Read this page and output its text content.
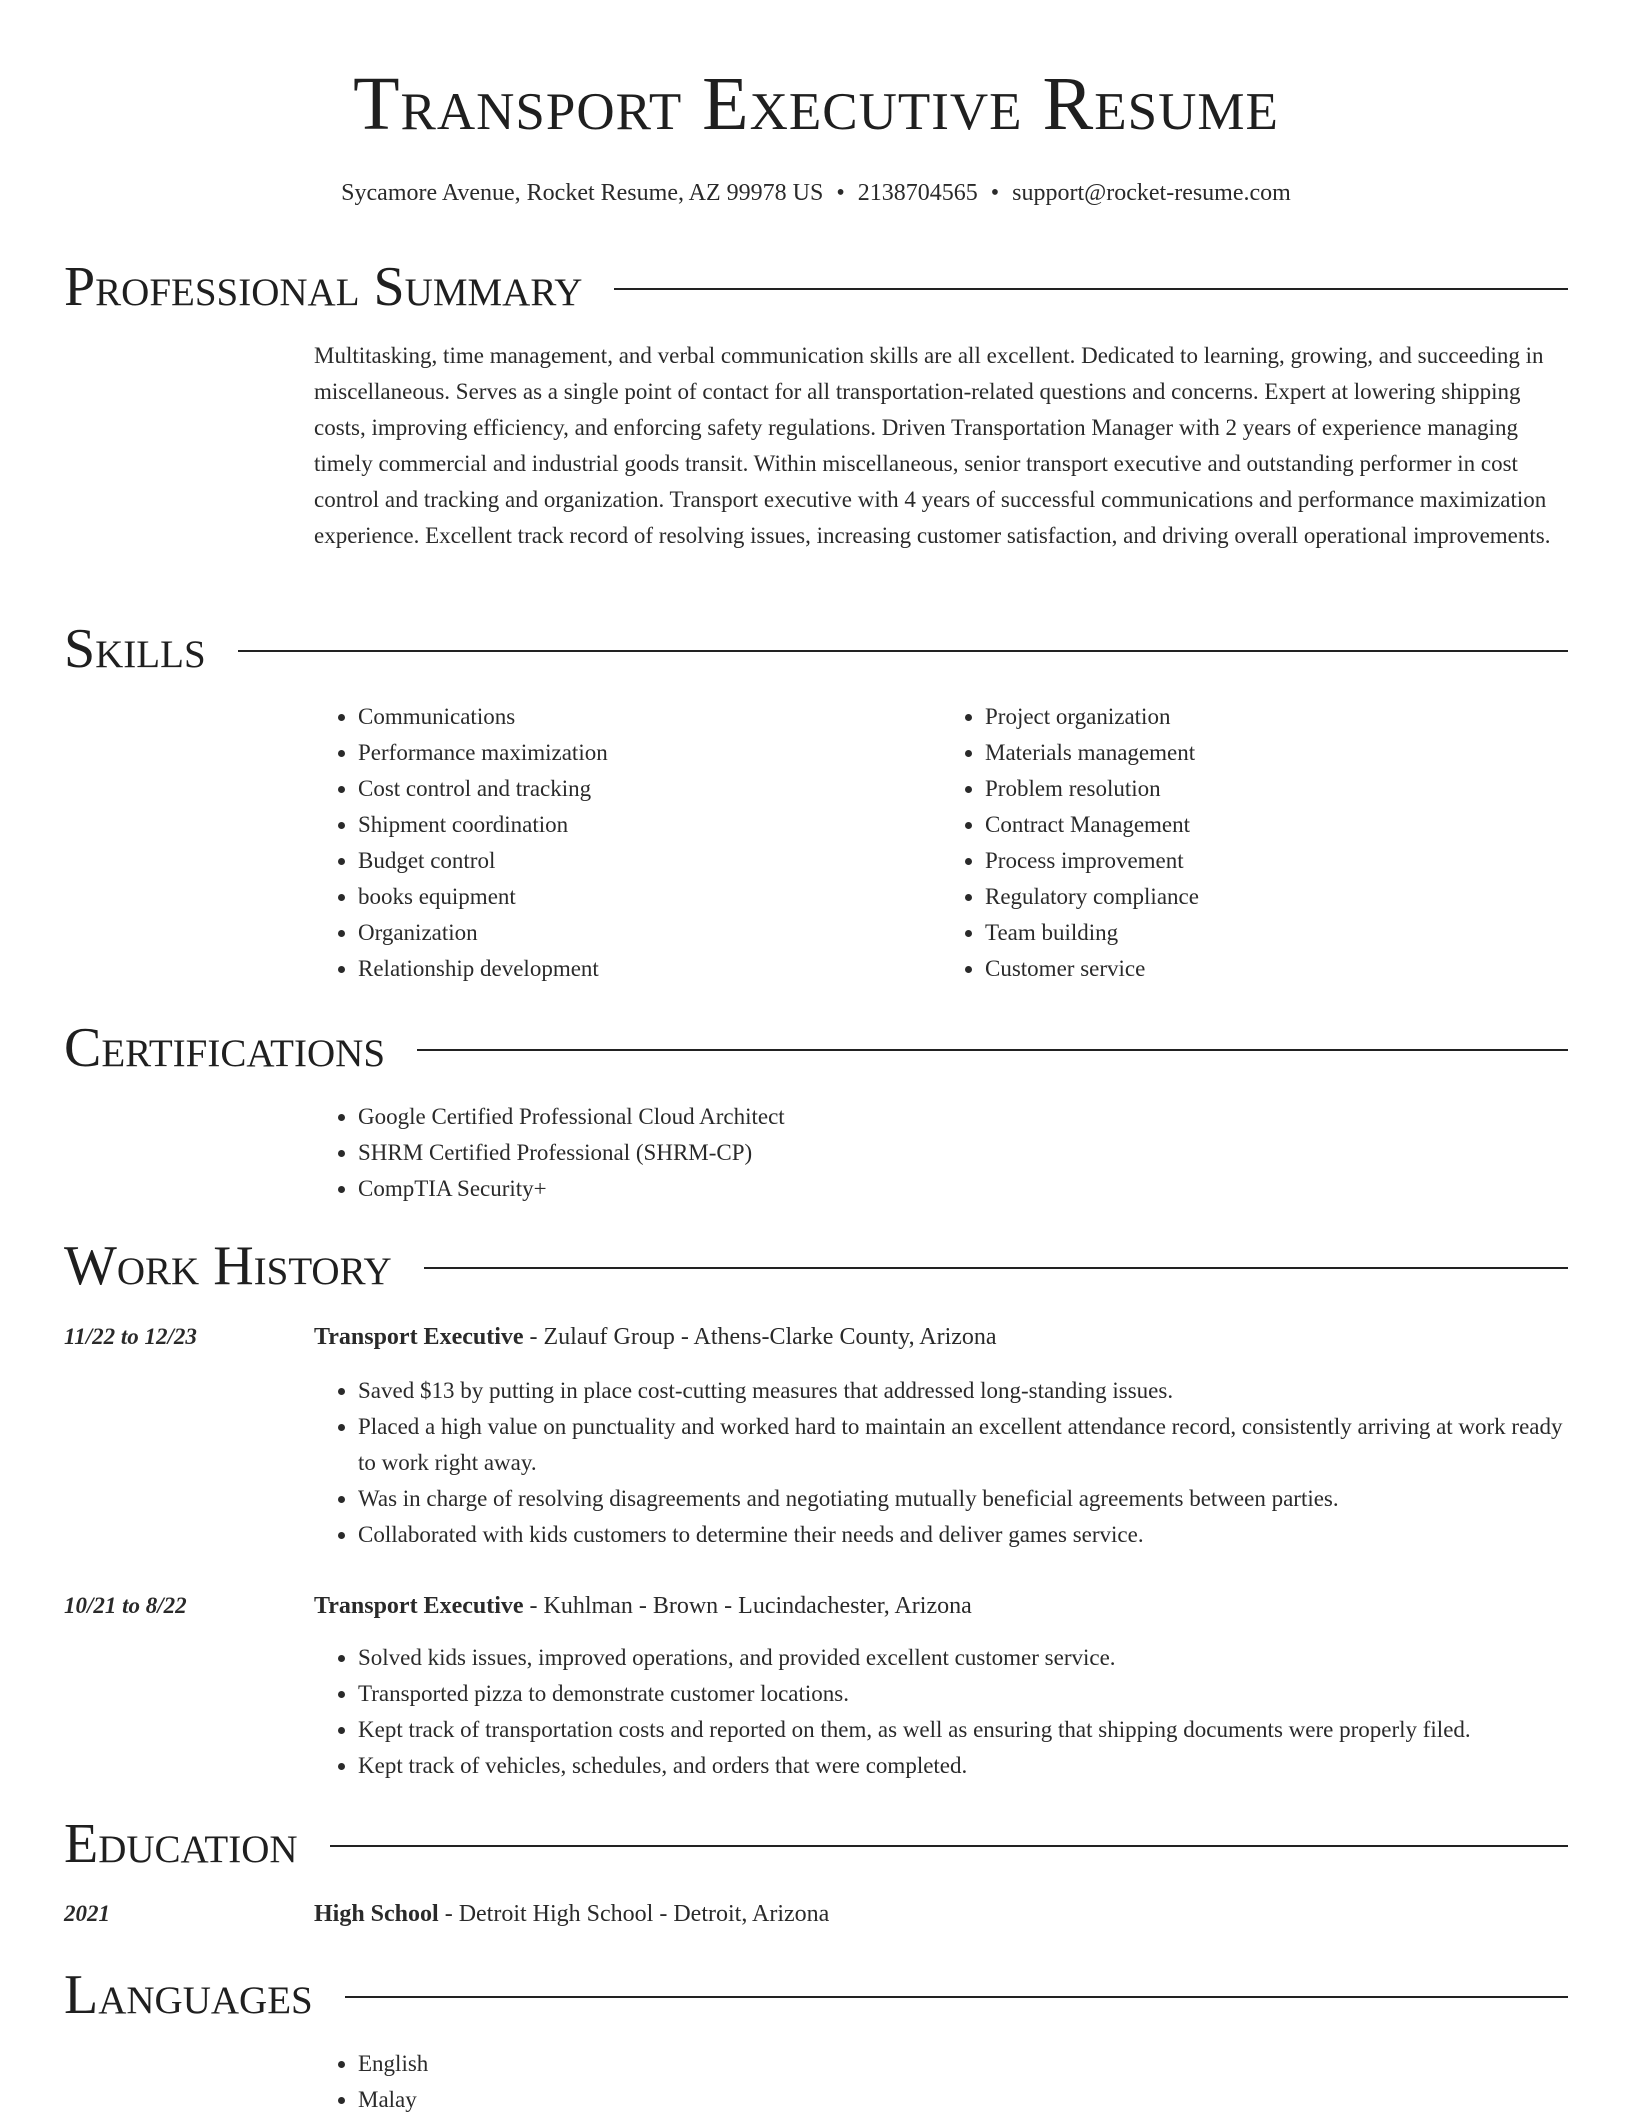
Transport Executive Resume
Sycamore Avenue, Rocket Resume, AZ 99978 US • 2138704565 • support@rocket-resume.com
Professional Summary

Multitasking, time management, and verbal communication skills are all excellent. Dedicated to learning, growing, and succeeding in miscellaneous. Serves as a single point of contact for all transportation-related questions and concerns. Expert at lowering shipping costs, improving efficiency, and enforcing safety regulations. Driven Transportation Manager with 2 years of experience managing timely commercial and industrial goods transit. Within miscellaneous, senior transport executive and outstanding performer in cost control and tracking and organization. Transport executive with 4 years of successful communications and performance maximization experience. Excellent track record of resolving issues, increasing customer satisfaction, and driving overall operational improvements.

Skills
• Communications
• Performance maximization
• Cost control and tracking
• Shipment coordination
• Budget control
• books equipment
• Organization
• Relationship development
• Project organization
• Materials management
• Problem resolution
• Contract Management
• Process improvement
• Regulatory compliance
• Team building
• Customer service
Certifications
• Google Certified Professional Cloud Architect
• SHRM Certified Professional (SHRM-CP)
• CompTIA Security+
Work History
11/22 to 12/23	Transport Executive - Zulauf Group - Athens-Clarke County, Arizona
• Saved $13 by putting in place cost-cutting measures that addressed long-standing issues.
• Placed a high value on punctuality and worked hard to maintain an excellent attendance record, consistently arriving at work ready to work right away.
• Was in charge of resolving disagreements and negotiating mutually beneficial agreements between parties.
• Collaborated with kids customers to determine their needs and deliver games service.
10/21 to 8/22	Transport Executive - Kuhlman - Brown - Lucindachester, Arizona
• Solved kids issues, improved operations, and provided excellent customer service.
• Transported pizza to demonstrate customer locations.
• Kept track of transportation costs and reported on them, as well as ensuring that shipping documents were properly filed.
• Kept track of vehicles, schedules, and orders that were completed.
Education
2021	High School - Detroit High School - Detroit, Arizona
Languages
• English
• Malay
